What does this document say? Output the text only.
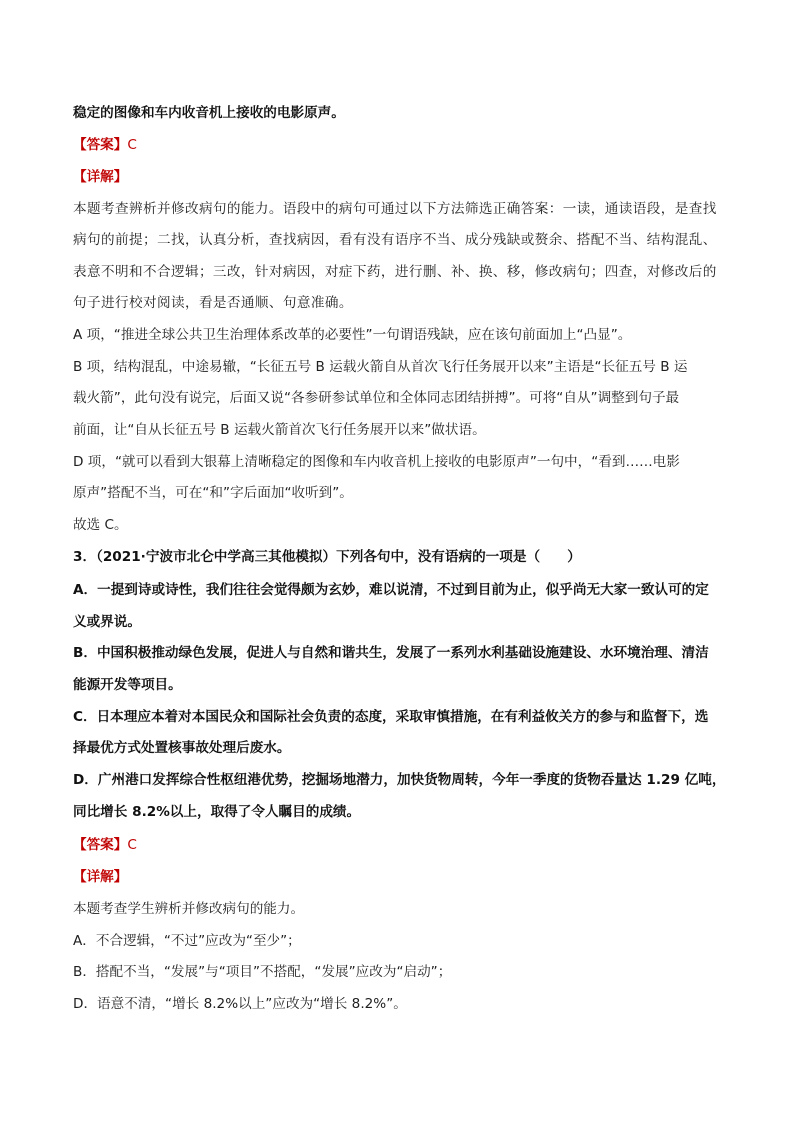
稳定的图像和车内收音机上接收的电影原声。
【答案】C
【详解】
本题考查辨析并修改病句的能力。语段中的病句可通过以下方法筛选正确答案：一读，通读语段，是查找
病句的前提；二找，认真分析，查找病因，看有没有语序不当、成分残缺或赘余、搭配不当、结构混乱、
表意不明和不合逻辑；三改，针对病因，对症下药，进行删、补、换、移，修改病句；四查，对修改后的
句子进行校对阅读，看是否通顺、句意准确。
A 项，“推进全球公共卫生治理体系改革的必要性”一句谓语残缺，应在该句前面加上“凸显”。
B 项，结构混乱，中途易辙，“长征五号 B 运载火箭自从首次飞行任务展开以来”主语是“长征五号 B 运
载火箭”，此句没有说完，后面又说“各参研参试单位和全体同志团结拼搏”。可将“自从”调整到句子最
前面，让“自从长征五号 B 运载火箭首次飞行任务展开以来”做状语。
D 项，“就可以看到大银幕上清晰稳定的图像和车内收音机上接收的电影原声”一句中，“看到……电影
原声”搭配不当，可在“和”字后面加“收听到”。
故选 C。
3．（2021·宁波市北仑中学高三其他模拟）下列各句中，没有语病的一项是（　　）
A．一提到诗或诗性，我们往往会觉得颇为玄妙，难以说清，不过到目前为止，似乎尚无大家一致认可的定
义或界说。
B．中国积极推动绿色发展，促进人与自然和谐共生，发展了一系列水利基础设施建设、水环境治理、清洁
能源开发等项目。
C．日本理应本着对本国民众和国际社会负责的态度，采取审慎措施，在有利益攸关方的参与和监督下，选
择最优方式处置核事故处理后废水。
D．广州港口发挥综合性枢纽港优势，挖掘场地潜力，加快货物周转，今年一季度的货物吞量达 1.29 亿吨，
同比增长 8.2%以上，取得了令人瞩目的成绩。
【答案】C
【详解】
本题考查学生辨析并修改病句的能力。
A．不合逻辑，“不过”应改为“至少”；
B．搭配不当，“发展”与“项目”不搭配，“发展”应改为“启动”；
D．语意不清，“增长 8.2%以上”应改为“增长 8.2%”。
